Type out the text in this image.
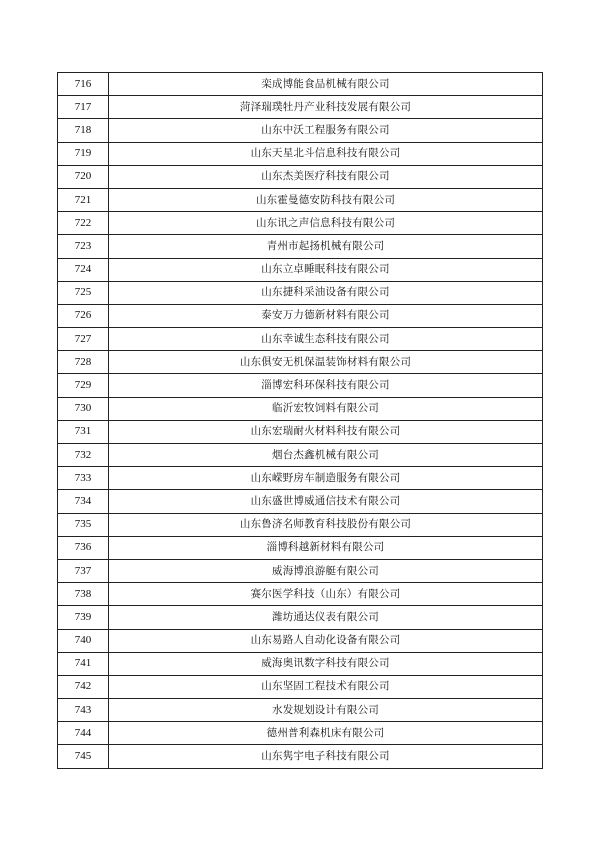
716	栾成博能食品机械有限公司
717	菏泽瑞璞牡丹产业科技发展有限公司
718	山东中沃工程服务有限公司
719	山东天星北斗信息科技有限公司
720	山东杰美医疗科技有限公司
721	山东霍曼德安防科技有限公司
722	山东讯之声信息科技有限公司
723	青州市起扬机械有限公司
724	山东立卓睡眠科技有限公司
725	山东捷科采油设备有限公司
726	泰安万力德新材料有限公司
727	山东幸诚生态科技有限公司
728	山东俱安无机保温装饰材料有限公司
729	淄博宏科环保科技有限公司
730	临沂宏牧饲料有限公司
731	山东宏瑞耐火材料科技有限公司
732	烟台杰鑫机械有限公司
733	山东嵘野房车制造服务有限公司
734	山东盛世博威通信技术有限公司
735	山东鲁济名师教育科技股份有限公司
736	淄博科越新材料有限公司
737	威海博浪游艇有限公司
738	赛尔医学科技（山东）有限公司
739	潍坊通达仪表有限公司
740	山东易路人自动化设备有限公司
741	威海奥讯数字科技有限公司
742	山东坚固工程技术有限公司
743	水发规划设计有限公司
744	德州普利森机床有限公司
745	山东隽宇电子科技有限公司
